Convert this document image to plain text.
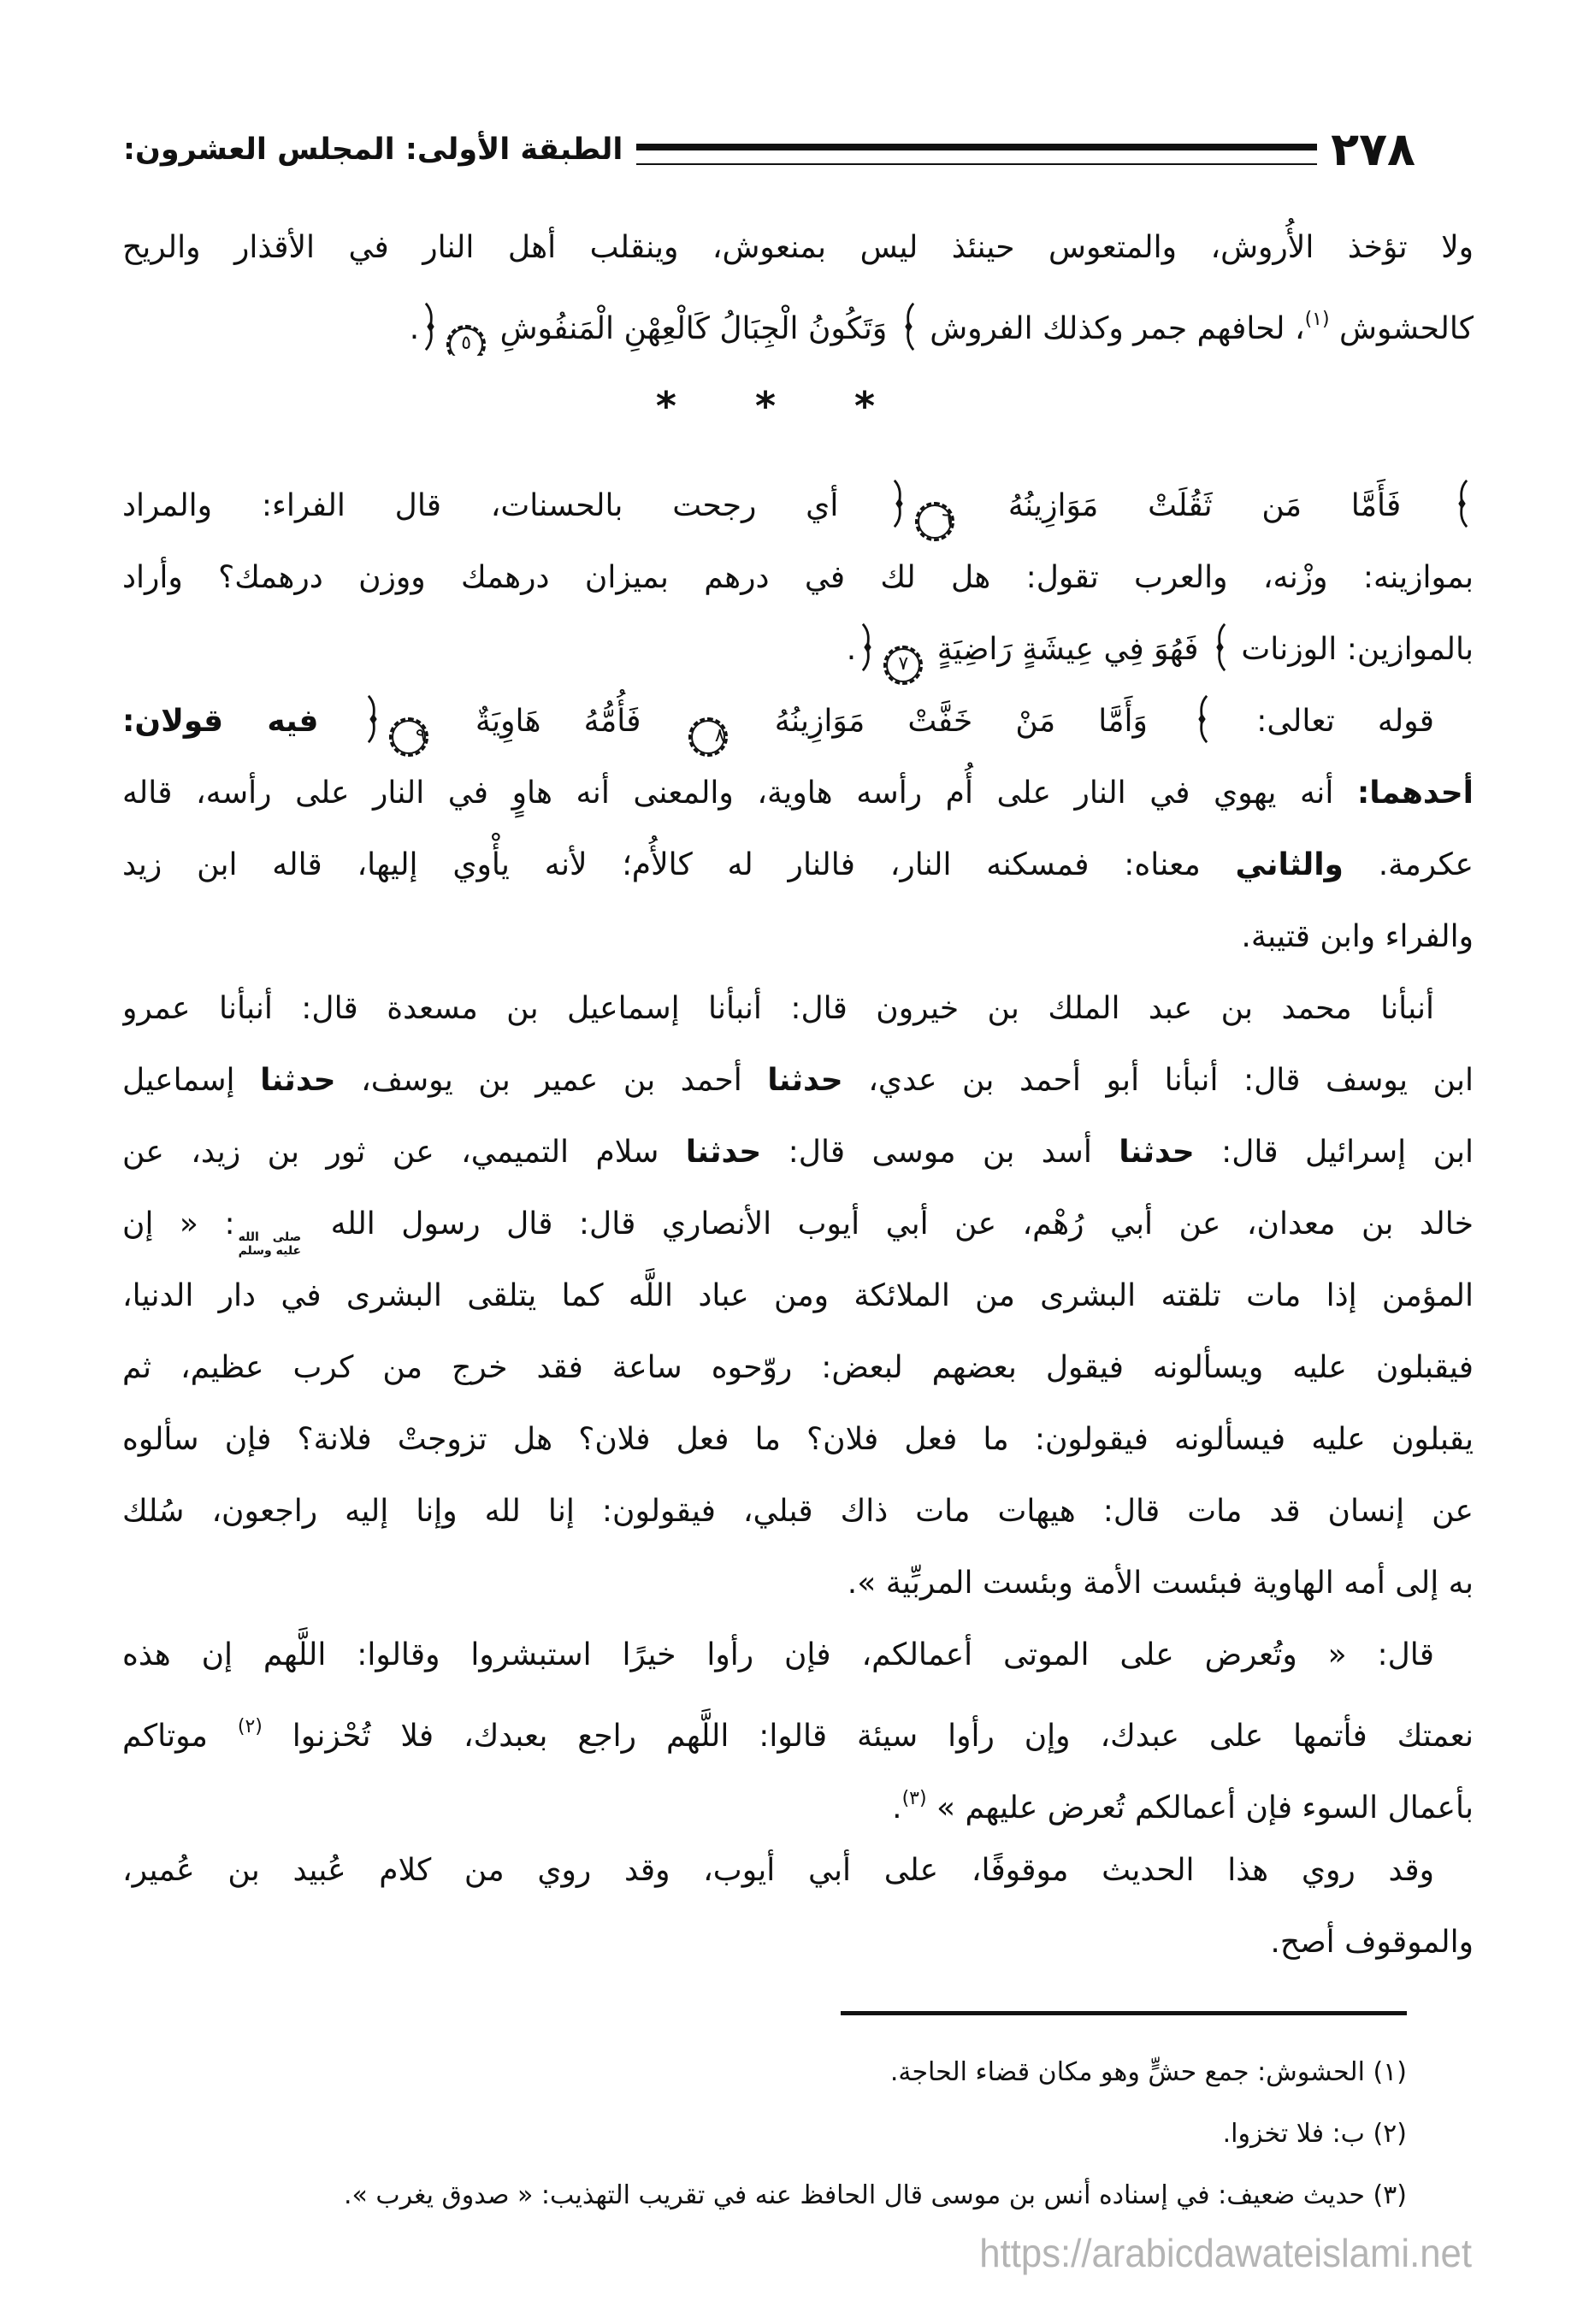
٢٧٨
الطبقة الأولى: المجلس العشرون:
ولا تؤخذ الأُروش، والمتعوس حينئذ ليس بمنعوش، وينقلب أهل النار في الأقذار والريح
كالحشوش $^{(١)}$، لحافهم جمر وكذلك الفروش  وَتَكُونُ الْجِبَالُ كَالْعِهْنِ الْمَنفُوشِ ٥.
* * *
فَأَمَّا مَن ثَقُلَتْ مَوَازِينُهُ ٦ أي رجحت بالحسنات، قال الفراء: والمراد
بموازينه: وزْنه، والعرب تقول: هل لك في درهم بميزان درهمك ووزن درهمك؟ وأراد
بالموازين: الوزنات  فَهُوَ فِي عِيشَةٍ رَاضِيَةٍ ٧.
قوله تعالى:  وَأَمَّا مَنْ خَفَّتْ مَوَازِينُهُ ٨ فَأُمُّهُ هَاوِيَةٌ ٩ فيه قولان:
أحدهما: أنه يهوي في النار على أُم رأسه هاوية، والمعنى أنه هاوٍ في النار على رأسه، قاله
عكرمة. والثاني معناه: فمسكنه النار، فالنار له كالأُم؛ لأنه يأْوي إليها، قاله ابن زيد
والفراء وابن قتيبة.
أنبأنا محمد بن عبد الملك بن خيرون قال: أنبأنا إسماعيل بن مسعدة قال: أنبأنا عمرو
ابن يوسف قال: أنبأنا أبو أحمد بن عدي، حدثنا أحمد بن عمير بن يوسف، حدثنا إسماعيل
ابن إسرائيل قال: حدثنا أسد بن موسى قال: حدثنا سلام التميمي، عن ثور بن زيد، عن
خالد بن معدان، عن أبي رُهْم، عن أبي أيوب الأنصاري قال: قال رسول الله
صلى الله
عليه وسلم
: « إن
المؤمن إذا مات تلقته البشرى من الملائكة ومن عباد اللَّه كما يتلقى البشرى في دار الدنيا،
فيقبلون عليه ويسألونه فيقول بعضهم لبعض: روّحوه ساعة فقد خرج من كرب عظيم، ثم
يقبلون عليه فيسألونه فيقولون: ما فعل فلان؟ ما فعل فلان؟ هل تزوجتْ فلانة؟ فإن سألوه
عن إنسان قد مات قال: هيهات مات ذاك قبلي، فيقولون: إنا لله وإنا إليه راجعون، سُلك
به إلى أمه الهاوية فبئست الأمة وبئست المربِّية ».
قال: « وتُعرض على الموتى أعمالكم، فإن رأوا خيرًا استبشروا وقالوا: اللَّهم إن هذه
نعمتك فأتمها على عبدك، وإن رأوا سيئة قالوا: اللَّهم راجع بعبدك، فلا تُحْزنوا $^{(٢)}$ موتاكم
بأعمال السوء فإن أعمالكم تُعرض عليهم » $^{(٣)}$.
وقد روي هذا الحديث موقوفًا، على أبي أيوب، وقد روي من كلام عُبيد بن عُمير،
والموقوف أصح.
(١) الحشوش: جمع حشٍّ وهو مكان قضاء الحاجة.
(٢) ب: فلا تخزوا.
(٣) حديث ضعيف: في إسناده أنس بن موسى قال الحافظ عنه في تقريب التهذيب: « صدوق يغرب ».
https://arabicdawateislami.net
